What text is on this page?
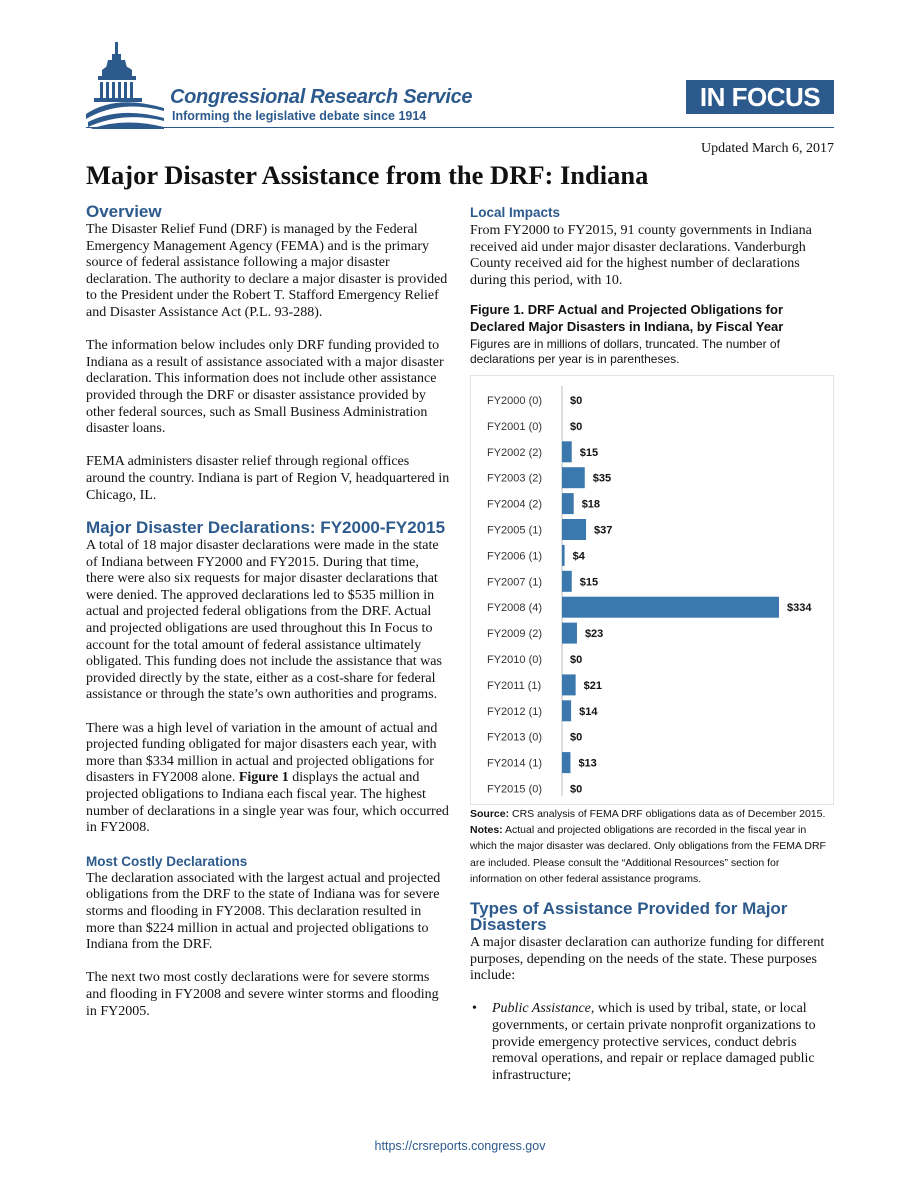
Congressional Research Service
Informing the legislative debate since 1914
IN FOCUS
Updated March 6, 2017
Major Disaster Assistance from the DRF: Indiana

Overview

The Disaster Relief Fund (DRF) is managed by the Federal Emergency Management Agency (FEMA) and is the primary source of federal assistance following a major disaster declaration. The authority to declare a major disaster is provided to the President under the Robert T. Stafford Emergency Relief and Disaster Assistance Act (P.L. 93-288).

The information below includes only DRF funding provided to Indiana as a result of assistance associated with a major disaster declaration. This information does not include other assistance provided through the DRF or disaster assistance provided by other federal sources, such as Small Business Administration disaster loans.

FEMA administers disaster relief through regional offices around the country. Indiana is part of Region V, headquartered in Chicago, IL.

Major Disaster Declarations: FY2000-FY2015

A total of 18 major disaster declarations were made in the state of Indiana between FY2000 and FY2015. During that time, there were also six requests for major disaster declarations that were denied. The approved declarations led to $535 million in actual and projected federal obligations from the DRF. Actual and projected obligations are used throughout this In Focus to account for the total amount of federal assistance ultimately obligated. This funding does not include the assistance that was provided directly by the state, either as a cost-share for federal assistance or through the state’s own authorities and programs.

There was a high level of variation in the amount of actual and projected funding obligated for major disasters each year, with more than $334 million in actual and projected obligations for disasters in FY2008 alone. Figure 1 displays the actual and projected obligations to Indiana each fiscal year. The highest number of declarations in a single year was four, which occurred in FY2008.

Most Costly Declarations

The declaration associated with the largest actual and projected obligations from the DRF to the state of Indiana was for severe storms and flooding in FY2008. This declaration resulted in more than $224 million in actual and projected obligations to Indiana from the DRF.

The next two most costly declarations were for severe storms and flooding in FY2008 and severe winter storms and flooding in FY2005.

Local Impacts

From FY2000 to FY2015, 91 county governments in Indiana received aid under major disaster declarations. Vanderburgh County received aid for the highest number of declarations during this period, with 10.

Figure 1. DRF Actual and Projected Obligations for Declared Major Disasters in Indiana, by Fiscal Year

Figures are in millions of dollars, truncated. The number of declarations per year is in parentheses.

FY2000 (0)	$0
FY2001 (0)	$0
FY2002 (2)	$15
FY2003 (2)	$35
FY2004 (2)	$18
FY2005 (1)	$37
FY2006 (1)	$4
FY2007 (1)	$15
FY2008 (4)	$334
FY2009 (2)	$23
FY2010 (0)	$0
FY2011 (1)	$21
FY2012 (1)	$14
FY2013 (0)	$0
FY2014 (1)	$13
FY2015 (0)	$0

Source: CRS analysis of FEMA DRF obligations data as of December 2015.

Notes: Actual and projected obligations are recorded in the fiscal year in which the major disaster was declared. Only obligations from the FEMA DRF are included. Please consult the “Additional Resources” section for information on other federal assistance programs.

Types of Assistance Provided for Major Disasters

A major disaster declaration can authorize funding for different purposes, depending on the needs of the state. These purposes include:

• Public Assistance, which is used by tribal, state, or local governments, or certain private nonprofit organizations to provide emergency protective services, conduct debris removal operations, and repair or replace damaged public infrastructure;
https://crsreports.congress.gov
